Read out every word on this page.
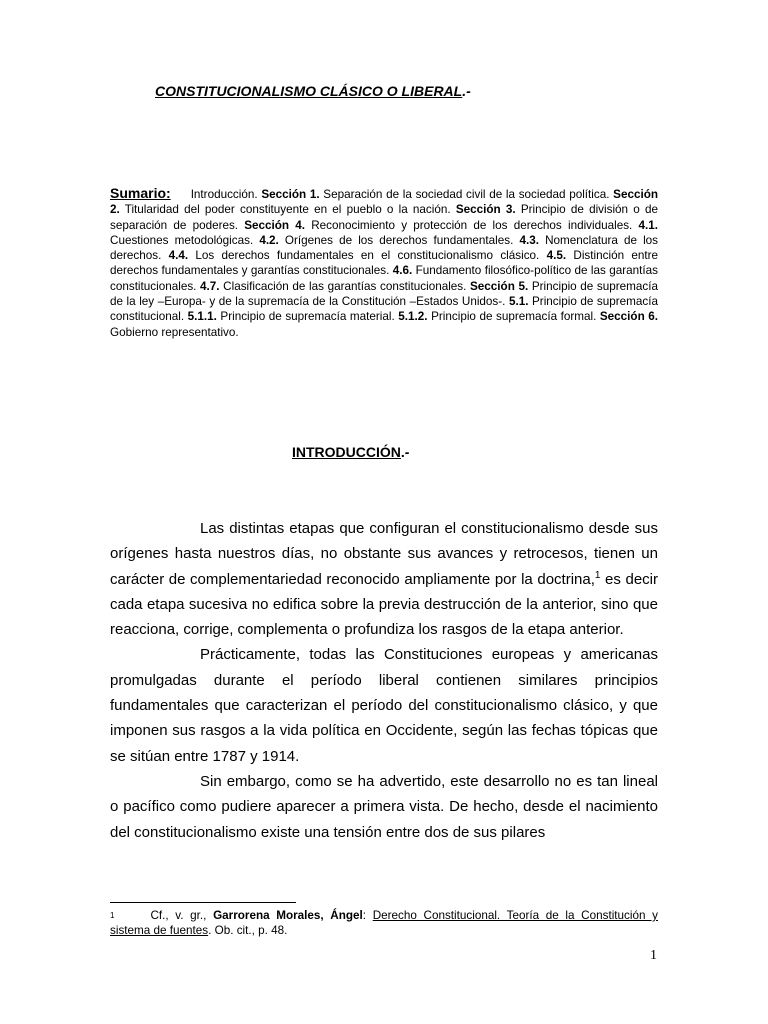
CONSTITUCIONALISMO CLÁSICO O LIBERAL.-
Sumario: Introducción. Sección 1. Separación de la sociedad civil de la sociedad política. Sección 2. Titularidad del poder constituyente en el pueblo o la nación. Sección 3. Principio de división o de separación de poderes. Sección 4. Reconocimiento y protección de los derechos individuales. 4.1. Cuestiones metodológicas. 4.2. Orígenes de los derechos fundamentales. 4.3. Nomenclatura de los derechos. 4.4. Los derechos fundamentales en el constitucionalismo clásico. 4.5. Distinción entre derechos fundamentales y garantías constitucionales. 4.6. Fundamento filosófico-político de las garantías constitucionales. 4.7. Clasificación de las garantías constitucionales. Sección 5. Principio de supremacía de la ley –Europa- y de la supremacía de la Constitución –Estados Unidos-. 5.1. Principio de supremacía constitucional. 5.1.1. Principio de supremacía material. 5.1.2. Principio de supremacía formal. Sección 6. Gobierno representativo.
INTRODUCCIÓN.-

Las distintas etapas que configuran el constitucionalismo desde sus orígenes hasta nuestros días, no obstante sus avances y retrocesos, tienen un carácter de complementariedad reconocido ampliamente por la doctrina,$^1$ es decir cada etapa sucesiva no edifica sobre la previa destrucción de la anterior, sino que reacciona, corrige, complementa o profundiza los rasgos de la etapa anterior.

Prácticamente, todas las Constituciones europeas y americanas promulgadas durante el período liberal contienen similares principios fundamentales que caracterizan el período del constitucionalismo clásico, y que imponen sus rasgos a la vida política en Occidente, según las fechas tópicas que se sitúan entre 1787 y 1914.

Sin embargo, como se ha advertido, este desarrollo no es tan lineal o pacífico como pudiere aparecer a primera vista. De hecho, desde el nacimiento del constitucionalismo existe una tensión entre dos de sus pilares

$^1$	Cf., v. gr., Garrorena Morales, Ángel: Derecho Constitucional. Teoría de la Constitución y sistema de fuentes. Ob. cit., p. 48.
1
